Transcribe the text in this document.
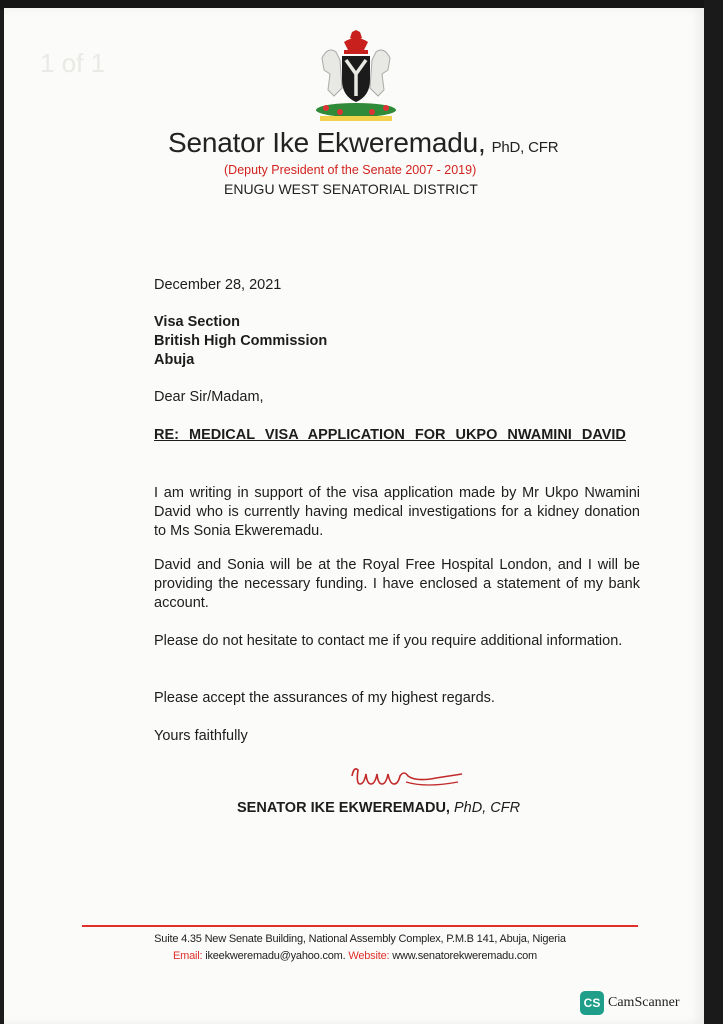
1 of 1
Senator Ike Ekweremadu, PhD, CFR
(Deputy President of the Senate 2007 - 2019)
ENUGU WEST SENATORIAL DISTRICT
December 28, 2021
Visa Section
British High Commission
Abuja
Dear Sir/Madam,
RE: MEDICAL VISA APPLICATION FOR UKPO NWAMINI DAVID
I am writing in support of the visa application made by Mr Ukpo Nwamini David who is currently having medical investigations for a kidney donation to Ms Sonia Ekweremadu.
David and Sonia will be at the Royal Free Hospital London, and I will be providing the necessary funding. I have enclosed a statement of my bank account.
Please do not hesitate to contact me if you require additional information.
Please accept the assurances of my highest regards.
Yours faithfully
SENATOR IKE EKWEREMADU, PhD, CFR
Suite 4.35 New Senate Building, National Assembly Complex, P.M.B 141, Abuja, Nigeria
Email: ikeekweremadu@yahoo.com. Website: www.senatorekweremadu.com
CS CamScanner
